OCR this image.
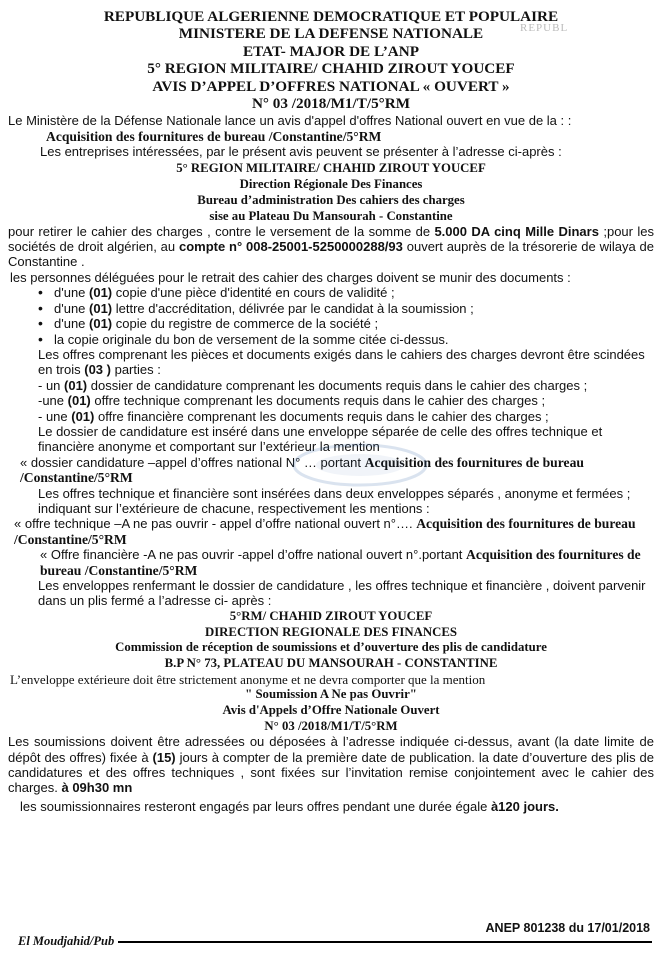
REPUBLIQUE ALGERIENNE DEMOCRATIQUE ET POPULAIRE
MINISTERE DE LA DEFENSE NATIONALE
ETAT- MAJOR DE L’ANP
5° REGION MILITAIRE/ CHAHID ZIROUT YOUCEF
AVIS D’APPEL D’OFFRES NATIONAL « OUVERT »
N° 03 /2018/M1/T/5°RM
Le Ministère de la Défense Nationale lance un avis d'appel d'offres National ouvert en vue de la : :
Acquisition des fournitures de bureau /Constantine/5°RM
Les entreprises intéressées, par le présent avis peuvent se présenter à l’adresse ci-après :
5° REGION MILITAIRE/ CHAHID ZIROUT YOUCEF
Direction Régionale Des Finances
Bureau d’administration Des cahiers des charges
sise au Plateau Du Mansourah - Constantine
pour retirer le cahier des charges , contre le versement de la somme de 5.000 DA cinq Mille Dinars ;pour les sociétés de droit algérien, au compte n° 008-25001-5250000288/93 ouvert auprès de la trésorerie de wilaya de Constantine .
les personnes déléguées pour le retrait des cahier des charges doivent se munir des documents :
• d'une (01) copie d'une pièce d'identité en cours de validité ;
• d'une (01) lettre d'accréditation, délivrée par le candidat à la soumission ;
• d'une (01) copie du registre de commerce de la société ;
• la copie originale du bon de versement de la somme citée ci-dessus.
Les offres comprenant les pièces et documents exigés dans le cahiers des charges devront être scindées en trois (03 ) parties :
- un (01) dossier de candidature comprenant les documents requis dans le cahier des charges ;
-une (01) offre technique comprenant les documents requis dans le cahier des charges ;
- une (01) offre financière comprenant les documents requis dans le cahier des charges ;
Le dossier de candidature est inséré dans une enveloppe séparée de celle des offres technique et financière anonyme et comportant sur l’extérieur la mention
« dossier candidature –appel d’offres national N° … portant Acquisition des fournitures de bureau /Constantine/5°RM
Les offres technique et financière sont insérées dans deux enveloppes séparés , anonyme et fermées ; indiquant sur l’extérieure de chacune, respectivement les mentions :
« offre technique –A ne pas ouvrir - appel d’offre national ouvert n°…. Acquisition des fournitures de bureau /Constantine/5°RM
« Offre financière -A ne pas ouvrir -appel d’offre national ouvert n°.portant Acquisition des fournitures de bureau /Constantine/5°RM
Les enveloppes renfermant le dossier de candidature , les offres technique et financière , doivent parvenir dans un plis fermé a l’adresse ci- après :
5°RM/ CHAHID ZIROUT YOUCEF
DIRECTION REGIONALE DES FINANCES
Commission de réception de soumissions et d’ouverture des plis de candidature
B.P N° 73, PLATEAU DU MANSOURAH - CONSTANTINE
L’enveloppe extérieure doit être strictement anonyme et ne devra comporter que la mention
" Soumission A Ne pas Ouvrir"
Avis d'Appels d’Offre Nationale Ouvert
N° 03 /2018/M1/T/5°RM
Les soumissions doivent être adressées ou déposées à l’adresse indiquée ci-dessus, avant (la date limite de dépôt des offres) fixée à (15) jours à compter de la première date de publication. la date d’ouverture des plis de candidatures et des offres techniques , sont fixées sur l’invitation remise conjointement avec le cahier des charges. à 09h30 mn
les soumissionnaires resteront engagés par leurs offres pendant une durée égale à120 jours.
REPUBL
El Moudjahid/Pub
ANEP 801238 du 17/01/2018
